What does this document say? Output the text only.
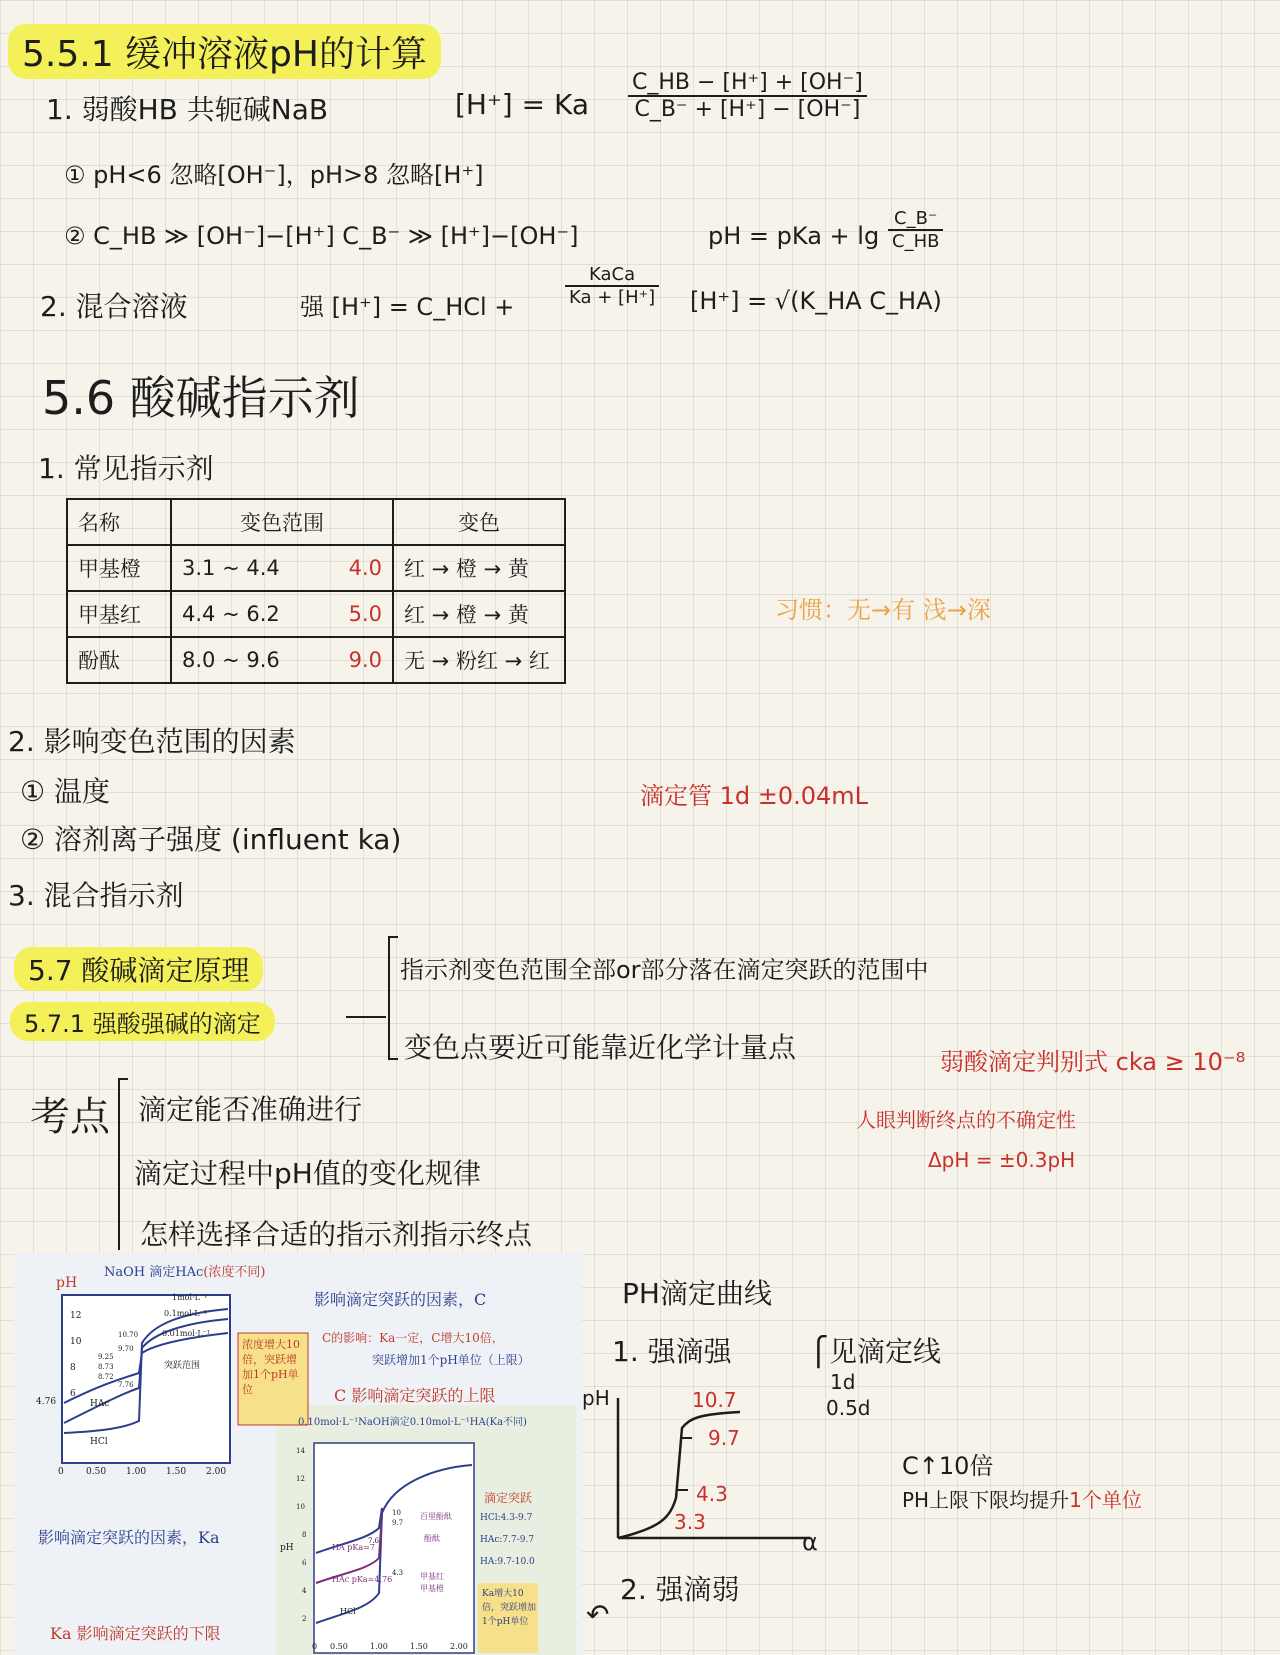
5.5.1 缓冲溶液pH的计算
1. 弱酸HB 共轭碱NaB	[H⁺] = Ka $\frac{C\_HB - [H^+] + [OH^-]}{C\_B^- + [H^+] - [OH^-]}$
① pH<6 忽略[OH⁻]，pH>8 忽略[H⁺]
② C_HB ≫ [OH⁻]−[H⁺] C_B⁻ ≫ [H⁺]−[OH⁻]	pH = pKa + $\lg \frac{C\_B^-}{C\_HB}$
2. 混合溶液	强 [H⁺] = C_HCl +
KaCa
Ka + [H⁺] [H⁺] = √(K_HA C_HA)
5.6 酸碱指示剂
1. 常见指示剂
名称	变色范围	变色
甲基橙	3.1 ~ 4.4 4.0	红 → 橙 → 黄
甲基红	4.4 ~ 6.2 5.0	红 → 橙 → 黄
酚酞	8.0 ~ 9.6 9.0	无 → 粉红 → 红
习惯：无→有 浅→深
2. 影响变色范围的因素
① 温度
② 溶剂离子强度 (influent ka)
3. 混合指示剂
滴定管 1d ±0.04mL
5.7 酸碱滴定原理
5.7.1 强酸强碱的滴定
指示剂变色范围全部or部分落在滴定突跃的范围中
变色点要近可能靠近化学计量点
考点 滴定能否准确进行
滴定过程中pH值的变化规律
怎样选择合适的指示剂指示终点
弱酸滴定判别式 cka ≥ 10⁻⁸
人眼判断终点的不确定性
ΔpH = ±0.3pH
NaOH 滴定HAc(浓度不同)
pH
12
10
8
6
4.76
0 0.50 1.00 1.50 2.00
1mol·L⁻¹
0.1mol·L⁻¹
0.01mol·L⁻¹
HAc
HCl
10.70
9.70
9.25
8.73
8.72
7.76
突跃范围
浓度增大10倍，突跃增加1个pH单位
影响滴定突跃的因素，C
C的影响：Ka一定，C增大10倍，
突跃增加1个pH单位（上限）
C 影响滴定突跃的上限
影响滴定突跃的因素，Ka
Ka 影响滴定突跃的下限
0.10mol·L⁻¹NaOH滴定0.10mol·L⁻¹HA(Ka不同)
pH
14
12
10
8
6
4
2
0 0.50	1.00	1.50	2.00
HA pKa=7
HAc pKa=4.76
HCl
10
9.7
7.6
4.3
百里酚酞
酚酞
甲基红
甲基橙
滴定突跃
HCl:4.3-9.7
HAc:7.7-9.7
HA:9.7-10.0
Ka增大10倍，突跃增加1个pH单位
PH滴定曲线
1. 强滴强	⎧见滴定线
1d
0.5d
pH
α
10.7
9.7
4.3
3.3
C↑10倍
PH上限下限均提升1个单位
2. 强滴弱
↶
